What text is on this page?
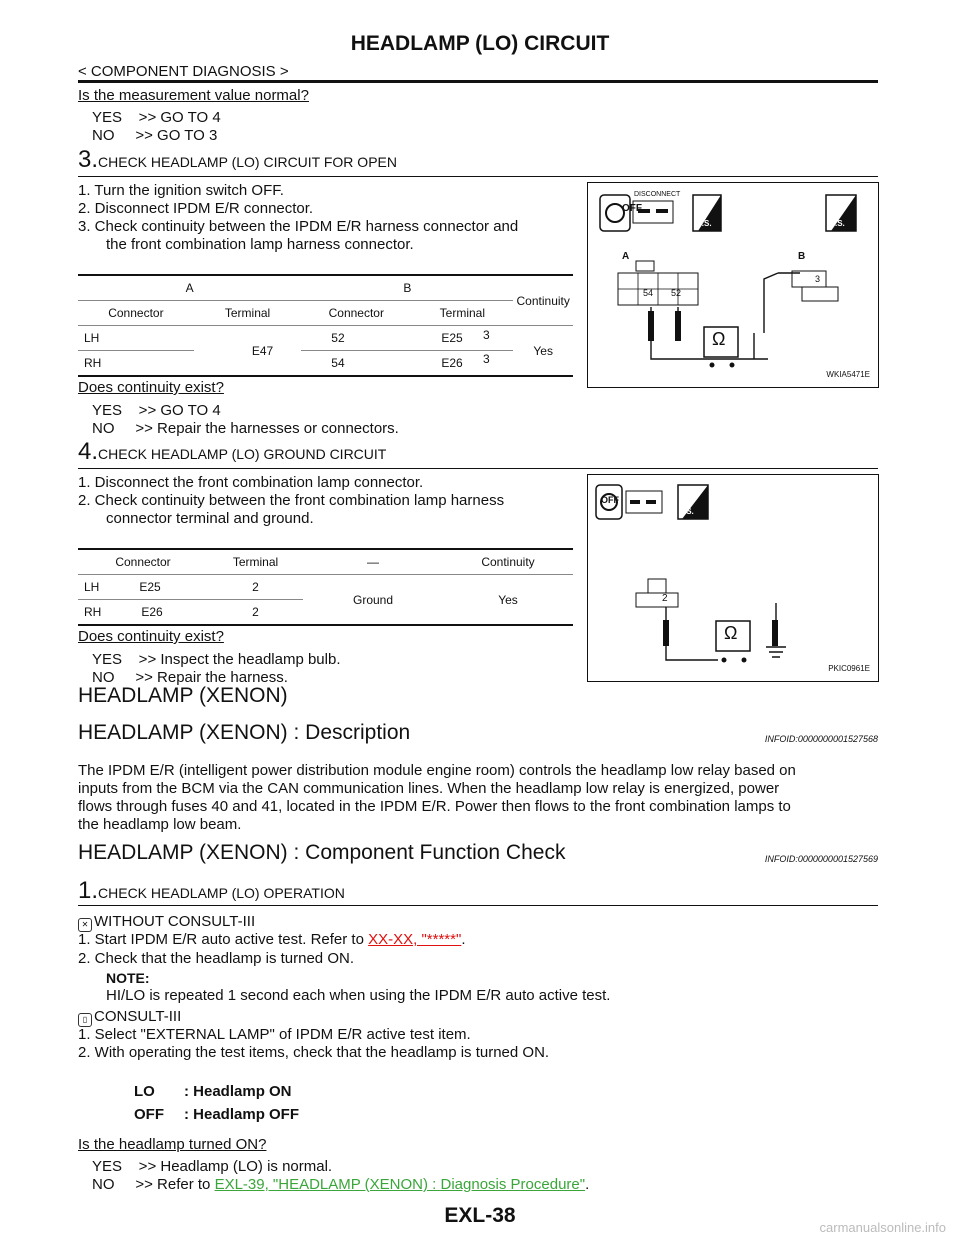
HEADLAMP (LO) CIRCUIT
< COMPONENT DIAGNOSIS >
Is the measurement value normal?
YES    >> GO TO 4
NO     >> GO TO 3
3.CHECK HEADLAMP (LO) CIRCUIT FOR OPEN
1. Turn the ignition switch OFF.
2. Disconnect IPDM E/R connector.
3. Check continuity between the IPDM E/R harness connector and
the front combination lamp harness connector.
A		B		Continuity
Connector	Terminal	Connector	Terminal	
LH	E47	52	E25	Yes
RH		54	E26	
3
3
OFF
DISCONNECT
H.S.	T.S.
A	B
54 52
3
Ω
WKIA5471E
Does continuity exist?
YES    >> GO TO 4
NO     >> Repair the harnesses or connectors.
4.CHECK HEADLAMP (LO) GROUND CIRCUIT
1. Disconnect the front combination lamp connector.
2. Check continuity between the front combination lamp harness
connector terminal and ground.
Connector	Terminal	—	Continuity
LH E25	2	Ground	Yes
RH E26	2		
OFF
T.S.
2
Ω
PKIC0961E
Does continuity exist?
YES    >> Inspect the headlamp bulb.
NO     >> Repair the harness.
HEADLAMP (XENON)
HEADLAMP (XENON) : Description	INFOID:0000000001527568
The IPDM E/R (intelligent power distribution module engine room) controls the headlamp low relay based on
inputs from the BCM via the CAN communication lines. When the headlamp low relay is energized, power
flows through fuses 40 and 41, located in the IPDM E/R. Power then flows to the front combination lamps to
the headlamp low beam.
HEADLAMP (XENON) : Component Function Check	INFOID:0000000001527569
1.CHECK HEADLAMP (LO) OPERATION
✕ WITHOUT CONSULT-III
1. Start IPDM E/R auto active test. Refer to XX-XX, "*****".
2. Check that the headlamp is turned ON.
NOTE:
HI/LO is repeated 1 second each when using the IPDM E/R auto active test.
▯ CONSULT-III
1. Select "EXTERNAL LAMP" of IPDM E/R active test item.
2. With operating the test items, check that the headlamp is turned ON.
LO : Headlamp ON
OFF : Headlamp OFF
Is the headlamp turned ON?
YES    >> Headlamp (LO) is normal.
NO     >> Refer to EXL-39, "HEADLAMP (XENON) : Diagnosis Procedure".
EXL-38
carmanualsonline.info
